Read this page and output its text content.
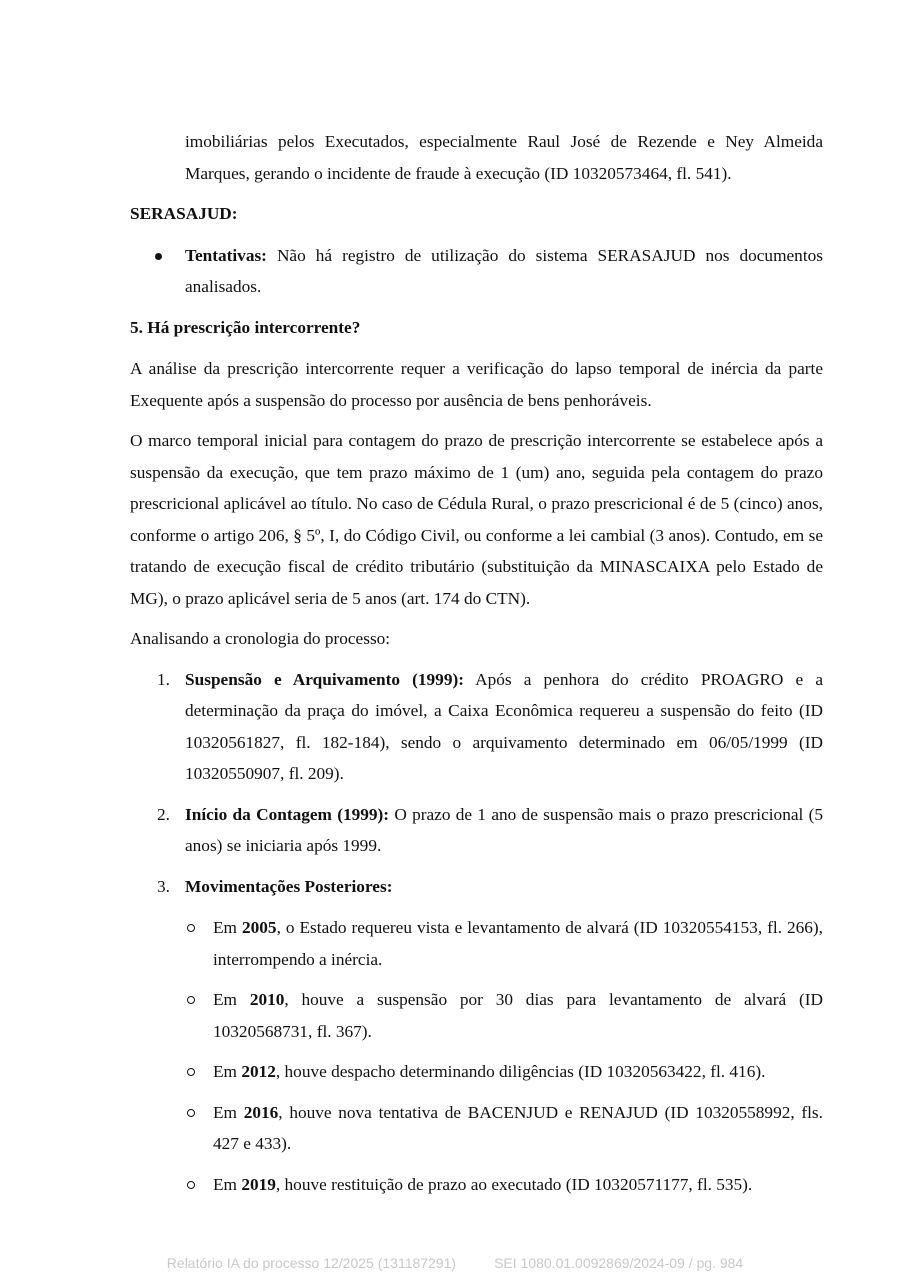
imobiliárias pelos Executados, especialmente Raul José de Rezende e Ney Almeida Marques, gerando o incidente de fraude à execução (ID 10320573464, fl. 541).

SERASAJUD:

Tentativas: Não há registro de utilização do sistema SERASAJUD nos documentos analisados.

5. Há prescrição intercorrente?

A análise da prescrição intercorrente requer a verificação do lapso temporal de inércia da parte Exequente após a suspensão do processo por ausência de bens penhoráveis.

O marco temporal inicial para contagem do prazo de prescrição intercorrente se estabelece após a suspensão da execução, que tem prazo máximo de 1 (um) ano, seguida pela contagem do prazo prescricional aplicável ao título. No caso de Cédula Rural, o prazo prescricional é de 5 (cinco) anos, conforme o artigo 206, § 5º, I, do Código Civil, ou conforme a lei cambial (3 anos). Contudo, em se tratando de execução fiscal de crédito tributário (substituição da MINASCAIXA pelo Estado de MG), o prazo aplicável seria de 5 anos (art. 174 do CTN).

Analisando a cronologia do processo:

1. Suspensão e Arquivamento (1999): Após a penhora do crédito PROAGRO e a determinação da praça do imóvel, a Caixa Econômica requereu a suspensão do feito (ID 10320561827, fl. 182-184), sendo o arquivamento determinado em 06/05/1999 (ID 10320550907, fl. 209).

2. Início da Contagem (1999): O prazo de 1 ano de suspensão mais o prazo prescricional (5 anos) se iniciaria após 1999.

3. Movimentações Posteriores:

Em 2005, o Estado requereu vista e levantamento de alvará (ID 10320554153, fl. 266), interrompendo a inércia.

Em 2010, houve a suspensão por 30 dias para levantamento de alvará (ID 10320568731, fl. 367).

Em 2012, houve despacho determinando diligências (ID 10320563422, fl. 416).

Em 2016, houve nova tentativa de BACENJUD e RENAJUD (ID 10320558992, fls. 427 e 433).

Em 2019, houve restituição de prazo ao executado (ID 10320571177, fl. 535).

Relatório IA do processo 12/2025 (131187291)	SEI 1080.01.0092869/2024-09 / pg. 984
